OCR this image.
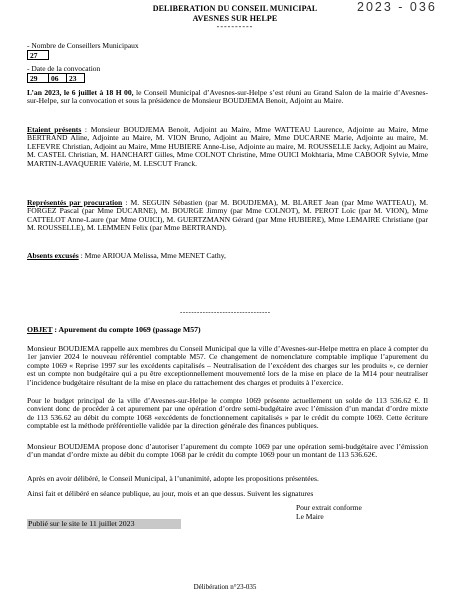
DELIBERATION DU CONSEIL MUNICIPAL
AVESNES SUR HELPE
----------
2023 - 036
- Nombre de Conseillers Municipaux
27
- Date de la convocation
29	06	23
L’an 2023, le 6 juillet à 18 H 00, le Conseil Municipal d’Avesnes-sur-Helpe s’est réuni au Grand Salon de la mairie d’Avesnes-sur-Helpe, sur la convocation et sous la présidence de Monsieur BOUDJEMA Benoit, Adjoint au Maire.
Etaient présents : Monsieur BOUDJEMA Benoit, Adjoint au Maire, Mme WATTEAU Laurence, Adjointe au Maire, Mme BERTRAND Aline, Adjointe au Maire, M. VION Bruno, Adjoint au Maire, Mme DUCARNE Marie, Adjointe au maire, M. LEFEVRE Christian, Adjoint au Maire, Mme HUBIERE Anne-Lise, Adjointe au maire, M. ROUSSELLE Jacky, Adjoint au Maire, M. CASTEL Christian, M. HANCHART Gilles, Mme COLNOT Christine, Mme OUICI Mokhtaria, Mme CABOOR Sylvie, Mme MARTIN-LAVAQUERIE Valérie, M. LESCUT Franck.
Représentés par procuration : M. SEGUIN Sébastien (par M. BOUDJEMA), M. BLARET Jean (par Mme WATTEAU), M. FORGEZ Pascal (par Mme DUCARNE), M. BOURGE Jimmy (par Mme COLNOT), M. PEROT Loïc (par M. VION), Mme CATTELOT Anne-Laure (par Mme OUICI), M. GUERTZMANN Gérard (par Mme HUBIERE), Mme LEMAIRE Christiane (par M. ROUSSELLE), M. LEMMEN Felix (par Mme BERTRAND).
Absents excusés : Mme ARIOUA Melissa, Mme MENET Cathy,
--------------------------------
OBJET : Apurement du compte 1069 (passage M57)
Monsieur BOUDJEMA rappelle aux membres du Conseil Municipal que la ville d’Avesnes-sur-Helpe mettra en place à compter du 1er janvier 2024 le nouveau référentiel comptable M57. Ce changement de nomenclature comptable implique l’apurement du compte 1069 « Reprise 1997 sur les excédents capitalisés – Neutralisation de l’excédent des charges sur les produits », ce dernier est un compte non budgétaire qui a pu être exceptionnellement mouvementé lors de la mise en place de la M14 pour neutraliser l’incidence budgétaire résultant de la mise en place du rattachement des charges et produits à l’exercice.
Pour le budget principal de la ville d’Avesnes-sur-Helpe le compte 1069 présente actuellement un solde de 113 536.62 €. Il convient donc de procéder à cet apurement par une opération d’ordre semi-budgétaire avec l’émission d’un mandat d’ordre mixte de 113 536.62 au débit du compte 1068 «excédents de fonctionnement capitalisés » par le crédit du compte 1069. Cette écriture comptable est la méthode préférentielle validée par la direction générale des finances publiques.
Monsieur BOUDJEMA propose donc d’autoriser l’apurement du compte 1069 par une opération semi-budgétaire avec l’émission d’un mandat d’ordre mixte au débit du compte 1068 par le crédit du compte 1069 pour un montant de 113 536.62€.
Après en avoir délibéré, le Conseil Municipal, à l’unanimité, adopte les propositions présentées.
Ainsi fait et délibéré en séance publique, au jour, mois et an que dessus. Suivent les signatures
Pour extrait conforme
Le Maire
Publié sur le site le 11 juillet 2023
Délibération n°23-035
